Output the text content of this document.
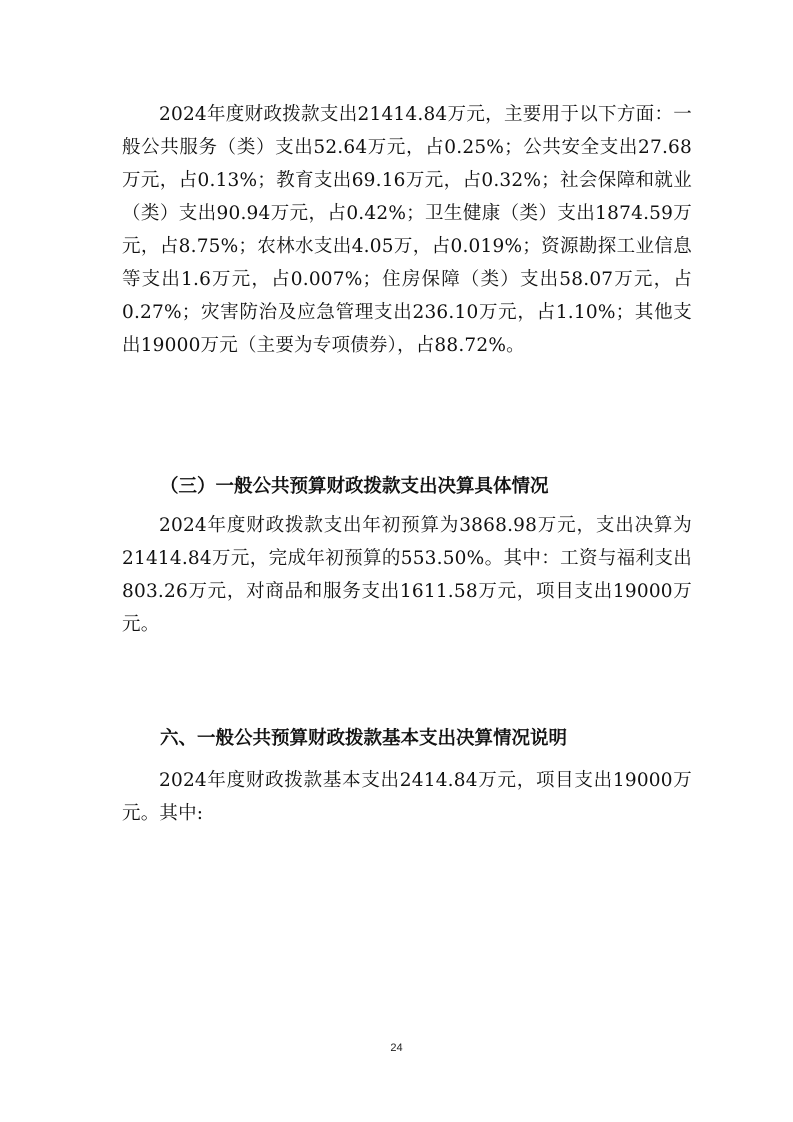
2024年度财政拨款支出21414.84万元，主要用于以下方面：一般公共服务（类）支出52.64万元，占0.25%；公共安全支出27.68万元，占0.13%；教育支出69.16万元，占0.32%；社会保障和就业（类）支出90.94万元，占0.42%；卫生健康（类）支出1874.59万元，占8.75%；农林水支出4.05万，占0.019%；资源勘探工业信息等支出1.6万元，占0.007%；住房保障（类）支出58.07万元，占0.27%；灾害防治及应急管理支出236.10万元，占1.10%；其他支出19000万元（主要为专项债券），占88.72%。

（三）一般公共预算财政拨款支出决算具体情况

2024年度财政拨款支出年初预算为3868.98万元，支出决算为21414.84万元，完成年初预算的553.50%。其中：工资与福利支出803.26万元，对商品和服务支出1611.58万元，项目支出19000万元。

六、一般公共预算财政拨款基本支出决算情况说明

2024年度财政拨款基本支出2414.84万元，项目支出19000万元。其中:

24
